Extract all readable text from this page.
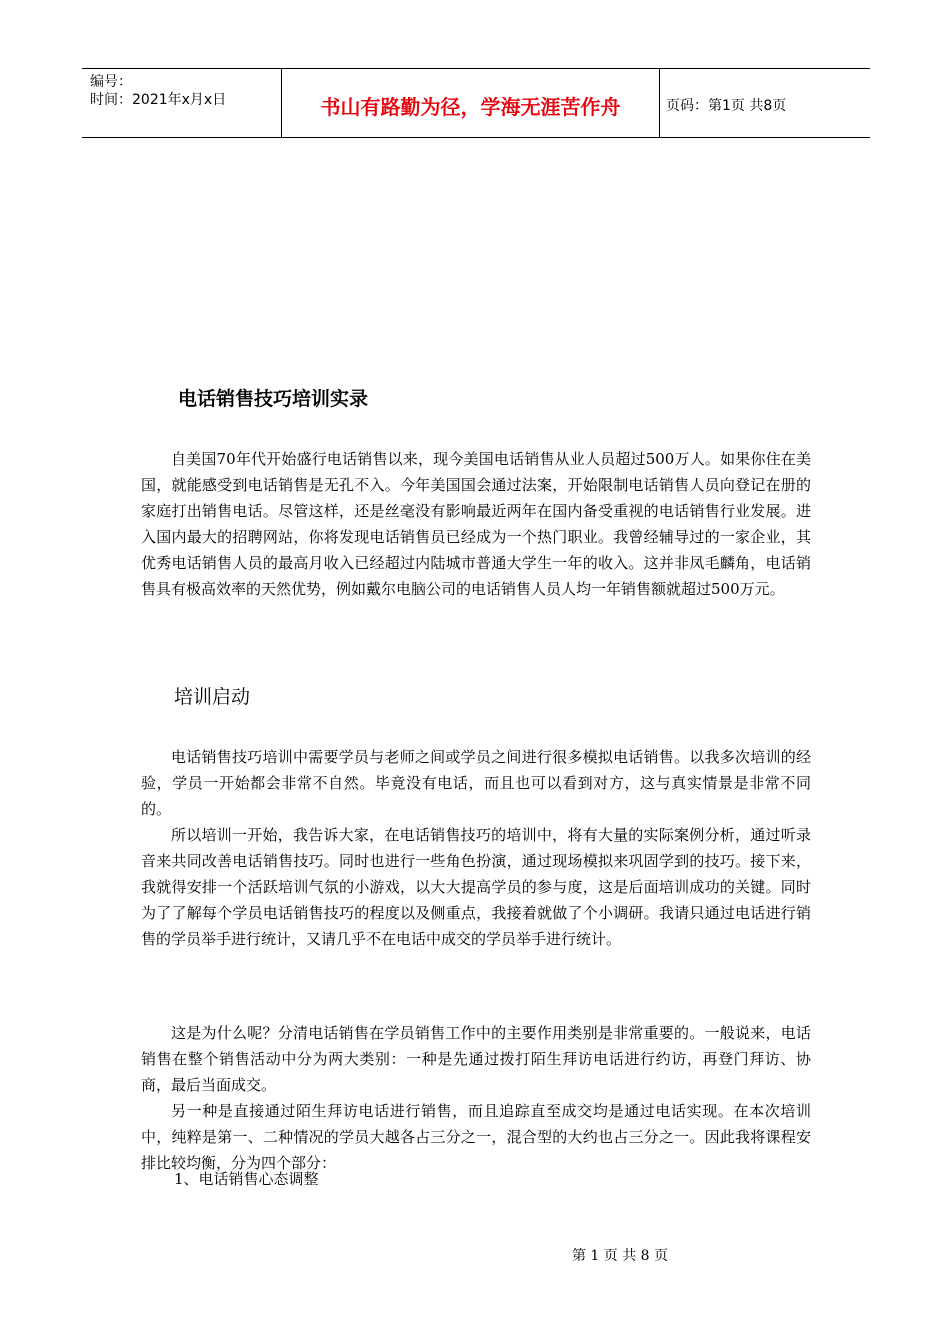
编号：
时间：2021年x月x日	书山有路勤为径，学海无涯苦作舟	页码：第1页 共8页
电话销售技巧培训实录

自美国70年代开始盛行电话销售以来，现今美国电话销售从业人员超过500万人。如果你住在美国，就能感受到电话销售是无孔不入。今年美国国会通过法案，开始限制电话销售人员向登记在册的家庭打出销售电话。尽管这样，还是丝毫没有影响最近两年在国内备受重视的电话销售行业发展。进入国内最大的招聘网站，你将发现电话销售员已经成为一个热门职业。我曾经辅导过的一家企业，其优秀电话销售人员的最高月收入已经超过内陆城市普通大学生一年的收入。这并非凤毛麟角，电话销售具有极高效率的天然优势，例如戴尔电脑公司的电话销售人员人均一年销售额就超过500万元。

培训启动

电话销售技巧培训中需要学员与老师之间或学员之间进行很多模拟电话销售。以我多次培训的经验，学员一开始都会非常不自然。毕竟没有电话，而且也可以看到对方，这与真实情景是非常不同的。

所以培训一开始，我告诉大家，在电话销售技巧的培训中，将有大量的实际案例分析，通过听录音来共同改善电话销售技巧。同时也进行一些角色扮演，通过现场模拟来巩固学到的技巧。接下来，我就得安排一个活跃培训气氛的小游戏，以大大提高学员的参与度，这是后面培训成功的关键。同时为了了解每个学员电话销售技巧的程度以及侧重点，我接着就做了个小调研。我请只通过电话进行销售的学员举手进行统计，又请几乎不在电话中成交的学员举手进行统计。

这是为什么呢？分清电话销售在学员销售工作中的主要作用类别是非常重要的。一般说来，电话销售在整个销售活动中分为两大类别：一种是先通过拨打陌生拜访电话进行约访，再登门拜访、协商，最后当面成交。

另一种是直接通过陌生拜访电话进行销售，而且追踪直至成交均是通过电话实现。在本次培训中，纯粹是第一、二种情况的学员大越各占三分之一，混合型的大约也占三分之一。因此我将课程安排比较均衡，分为四个部分：

1、电话销售心态调整
第 1 页 共 8 页
